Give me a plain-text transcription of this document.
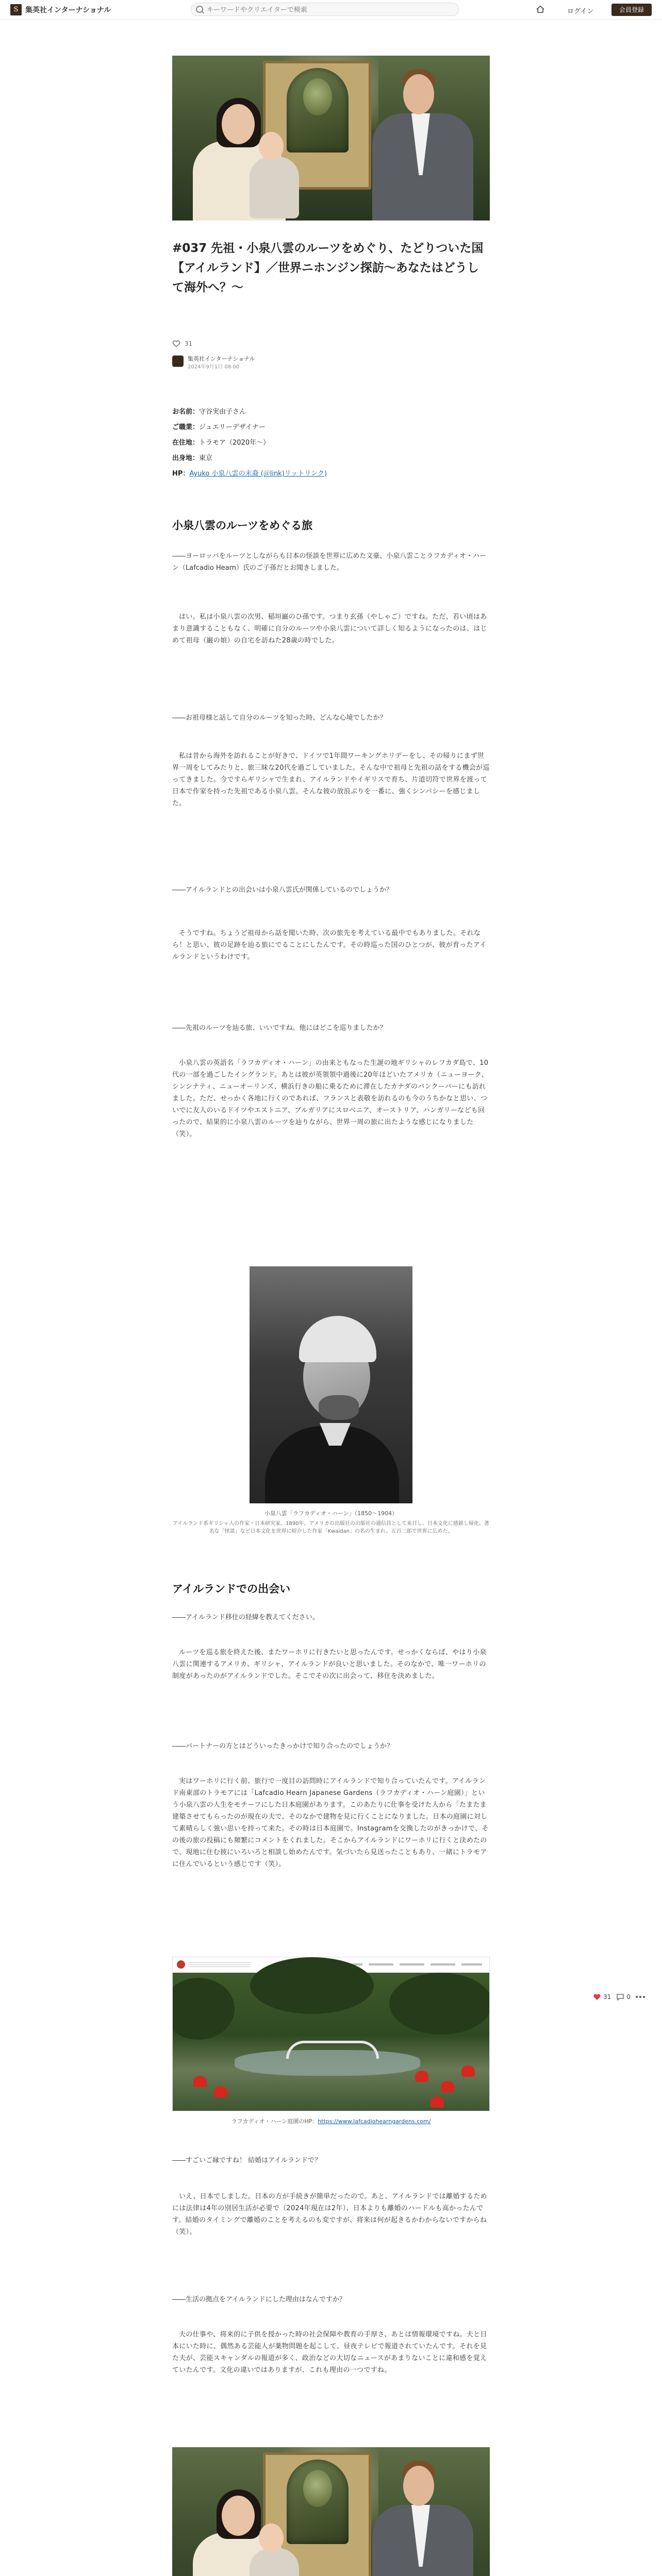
S 集英社インターナショナル
キーワードやクリエイターで検索	ログイン	会員登録
#037 先祖・小泉八雲のルーツをめぐり、たどりついた国【アイルランド】／世界ニホンジン探訪〜あなたはどうして海外へ？〜
31
集英社インターナショナル
2024年9月1日 08:00
お名前：守谷実由子さん
ご職業：ジュエリーデザイナー
在住地：トラモア（2020年〜）
出身地：東京
HP：Ayuko 小泉八雲の末裔 (＠link)リットリンク)
小泉八雲のルーツをめぐる旅

――ヨーロッパをルーツとしながらも日本の怪談を世界に広めた文豪、小泉八雲ことラフカディオ・ハーン（Lafcadio Hearn）氏のご子孫だとお聞きしました。

はい。私は小泉八雲の次男、稲垣巌のひ孫です。つまり玄孫（やしゃご）ですね。ただ、若い頃はあまり意識することもなく、明確に自分のルーツや小泉八雲について詳しく知るようになったのは、はじめて祖母（巌の娘）の自宅を訪ねた28歳の時でした。

――お祖母様と話して自分のルーツを知った時、どんな心境でしたか？

私は昔から海外を訪れることが好きで、ドイツで1年間ワーキングホリデーをし、その帰りにまず世界一周をしてみたりと、旅三昧な20代を過ごしていました。そんな中で祖母と先祖の話をする機会が巡ってきました。今ですらギリシャで生まれ、アイルランドやイギリスで育ち、片道切符で世界を渡って日本で作家を持った先祖である小泉八雲。そんな彼の放浪ぶりを一番に、強くシンパシーを感じました。

――アイルランドとの出会いは小泉八雲氏が関係しているのでしょうか？

そうですね。ちょうど祖母から話を聞いた時、次の旅先を考えている最中でもありました。それなら！と思い、彼の足跡を辿る旅にでることにしたんです。その時巡った国のひとつが、彼が育ったアイルランドというわけです。

――先祖のルーツを辿る旅、いいですね。他にはどこを巡りましたか？

小泉八雲の英語名「ラフカディオ・ハーン」の由来ともなった生誕の地ギリシャのレフカダ島で、10代の一部を過ごしたイングランド。あとは彼が英領領中過後に20年ほどいたアメリカ（ニューヨーク、シンシナティ、ニューオーリンズ、横浜行きの船に乗るために滞在したカナダのバンクーバーにも訪れました。ただ、せっかく各地に行くのであれば、フランスと表敬を訪れるのも今のうちかなと思い、ついでに友人のいるドイツやエストニア、ブルガリアにスロベニア、オーストリア、ハンガリーなども回ったので、結果的に小泉八雲のルーツを辿りながら、世界一周の旅に出たような感じになりました（笑）。

小泉八雲「ラフカディオ・ハーン」（1850〜1904）

アイルランド系ギリシャ人の作家・日本研究家。1890年、アメリカの出版社の出版社の通信員として来日し、日本文化に感銘し帰化。著名な「怪談」など日本文化を世界に紹介した作家「Kwaidan」の名の生まれ。五百二郎で世界に広めた。

アイルランドでの出会い

――アイルランド移住の経緯を教えてください。

ルーツを巡る旅を終えた後、またワーホリに行きたいと思ったんです。せっかくならば、やはり小泉八雲に関連するアメリカ、ギリシャ、アイルランドが良いと思いました。そのなかで、唯一ワーホリの制度があったのがアイルランドでした。そこでその次に出会って、移住を決めました。

――パートナーの方とはどういったきっかけで知り合ったのでしょうか？

実はワーホリに行く前、旅行で一度目の訪問時にアイルランドで知り合っていたんです。アイルランド南東部のトラモアには「Lafcadio Hearn Japanese Gardens（ラフカディオ・ハーン庭園）」という小泉八雲の人生をモチーフにした日本庭園があります。このあたりに仕事を受けた人から「たまたま建築させてもらったのが現在の夫で、そのなかで建物を見に行くことになりました。日本の庭園に対して素晴らしく強い思いを持って来た。その時は日本庭園で。Instagramを交換したのがきっかけで、その後の旅の投稿にも頻繁にコメントをくれました。そこからアイルランドにワーホリに行くと決めたので、現地に住む彼にいろいろと相談し始めたんです。気づいたら見送ったこともあり、一緒にトラモアに住んでいるという感じです（笑）。

ラフカディオ・ハーン庭園のHP：https://www.lafcadiohearngardens.com/

――すごいご縁ですね！ 結婚はアイルランドで？

いえ、日本でしました。日本の方が手続きが簡単だったので。あと、アイルランドでは離婚するためには法律は4年の別居生活が必要で（2024年現在は2年）、日本よりも離婚のハードルも高かったんです。結婚のタイミングで離婚のことを考えるのも変ですが、将来は何が起きるかわからないですからね（笑）。

――生活の拠点をアイルランドにした理由はなんですか？

夫の仕事や、将来的に子供を授かった時の社会保障や教育の手厚さ、あとは情報環境ですね。夫と日本にいた時に、偶然ある芸能人が薬物問題を起こして、昼夜テレビで報道されていたんです。それを見た夫が、芸能スキャンダルの報道が多く、政治などの大切なニュースがあまりないことに違和感を覚えていたんです。文化の違いではありますが、これも理由の一つですね。

31	0
